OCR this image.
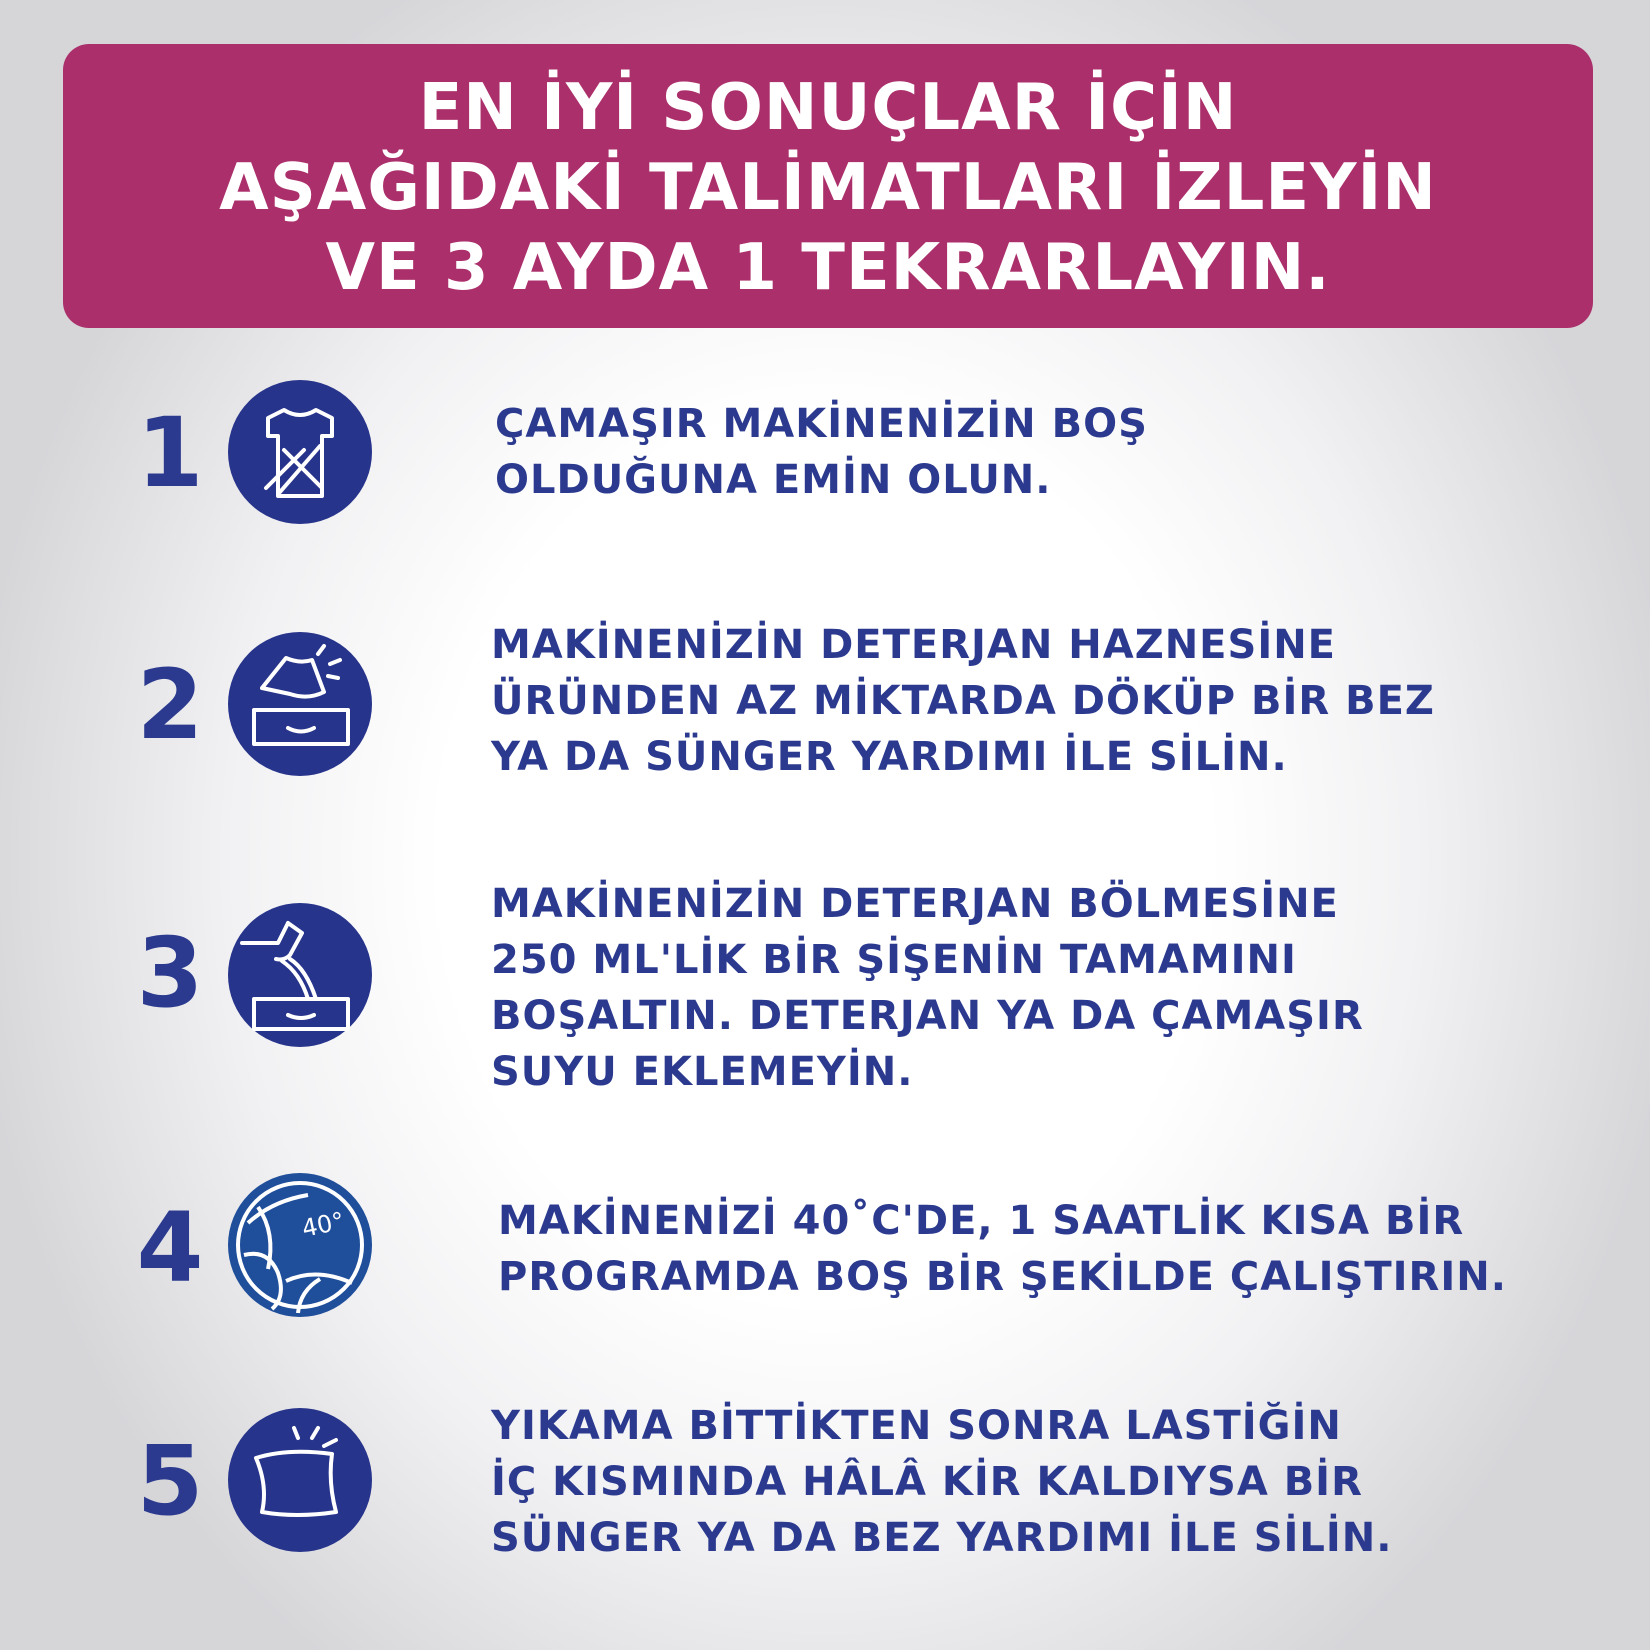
EN İYİ SONUÇLAR İÇİN
AŞAĞIDAKİ TALİMATLARI İZLEYİN
VE 3 AYDA 1 TEKRARLAYIN.
1	ÇAMAŞIR MAKİNENİZİN BOŞ
OLDUĞUNA EMİN OLUN.
2
MAKİNENİZİN DETERJAN HAZNESİNE
ÜRÜNDEN AZ MİKTARDA DÖKÜP BİR BEZ
YA DA SÜNGER YARDIMI İLE SİLİN.
3
MAKİNENİZİN DETERJAN BÖLMESİNE
250 ML'LİK BİR ŞİŞENİN TAMAMINI
BOŞALTIN. DETERJAN YA DA ÇAMAŞIR
SUYU EKLEMEYİN.
4	40°	MAKİNENİZİ 40˚C'DE, 1 SAATLİK KISA BİR
PROGRAMDA BOŞ BİR ŞEKİLDE ÇALIŞTIRIN.
5	YIKAMA BİTTİKTEN SONRA LASTİĞİN
İÇ KISMINDA HÂLÂ KİR KALDIYSA BİR
SÜNGER YA DA BEZ YARDIMI İLE SİLİN.
